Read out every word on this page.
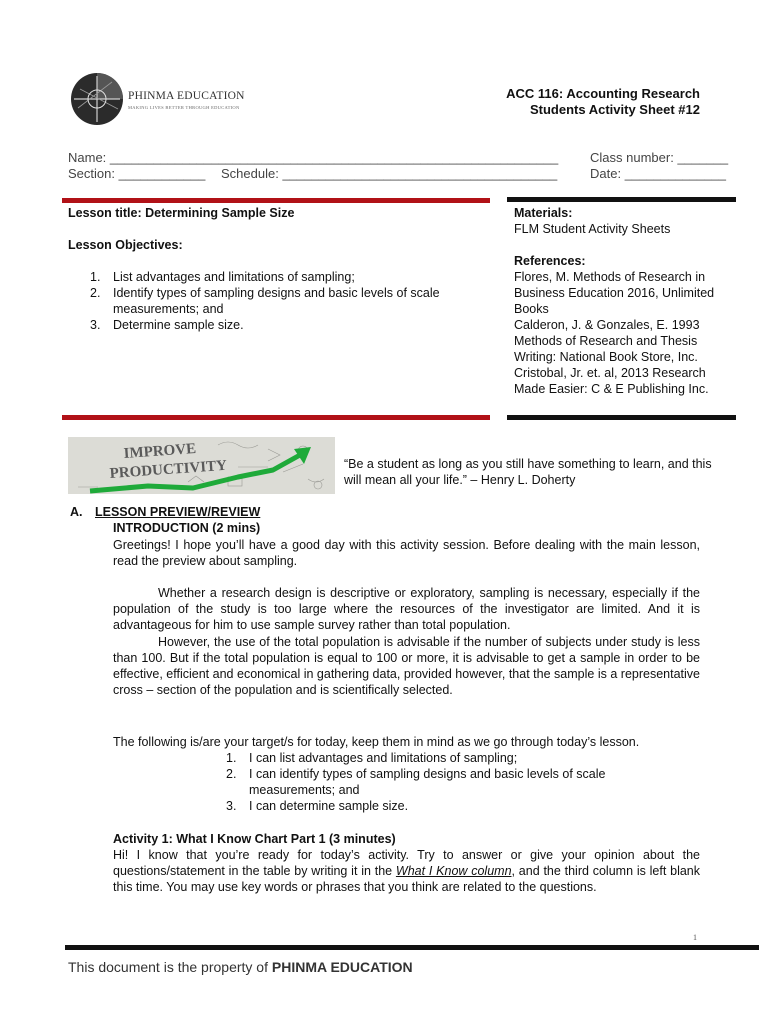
PHINMA EDUCATION
MAKING LIVES BETTER THROUGH EDUCATION
ACC 116: Accounting Research
Students Activity Sheet #12
Name: ______________________________________________________________ Class number: _______
Section: ____________ Schedule: ______________________________________	Date: ______________
Lesson title: Determining Sample Size
Lesson Objectives:
1. List advantages and limitations of sampling;
2. Identify types of sampling designs and basic levels of scale measurements; and
3. Determine sample size.
Materials:
FLM Student Activity Sheets
References:
Flores, M. Methods of Research in Business Education 2016, Unlimited Books
Calderon, J. & Gonzales, E. 1993 Methods of Research and Thesis Writing: National Book Store, Inc.
Cristobal, Jr. et. al, 2013 Research Made Easier: C & E Publishing Inc.
IMPROVE
PRODUCTIVITY	“Be a student as long as you still have something to learn, and this will mean all your life.” – Henry L. Doherty
A. LESSON PREVIEW/REVIEW
INTRODUCTION (2 mins)
Greetings! I hope you’ll have a good day with this activity session. Before dealing with the main lesson, read the preview about sampling.
Whether a research design is descriptive or exploratory, sampling is necessary, especially if the population of the study is too large where the resources of the investigator are limited. And it is advantageous for him to use sample survey rather than total population.
However, the use of the total population is advisable if the number of subjects under study is less than 100. But if the total population is equal to 100 or more, it is advisable to get a sample in order to be effective, efficient and economical in gathering data, provided however, that the sample is a representative cross – section of the population and is scientifically selected.
The following is/are your target/s for today, keep them in mind as we go through today’s lesson.
1. I can list advantages and limitations of sampling;
2. I can identify types of sampling designs and basic levels of scale measurements; and
3. I can determine sample size.
Activity 1: What I Know Chart Part 1 (3 minutes)
Hi! I know that you’re ready for today’s activity. Try to answer or give your opinion about the questions/statement in the table by writing it in the What I Know column, and the third column is left blank this time. You may use key words or phrases that you think are related to the questions.
1
This document is the property of PHINMA EDUCATION
